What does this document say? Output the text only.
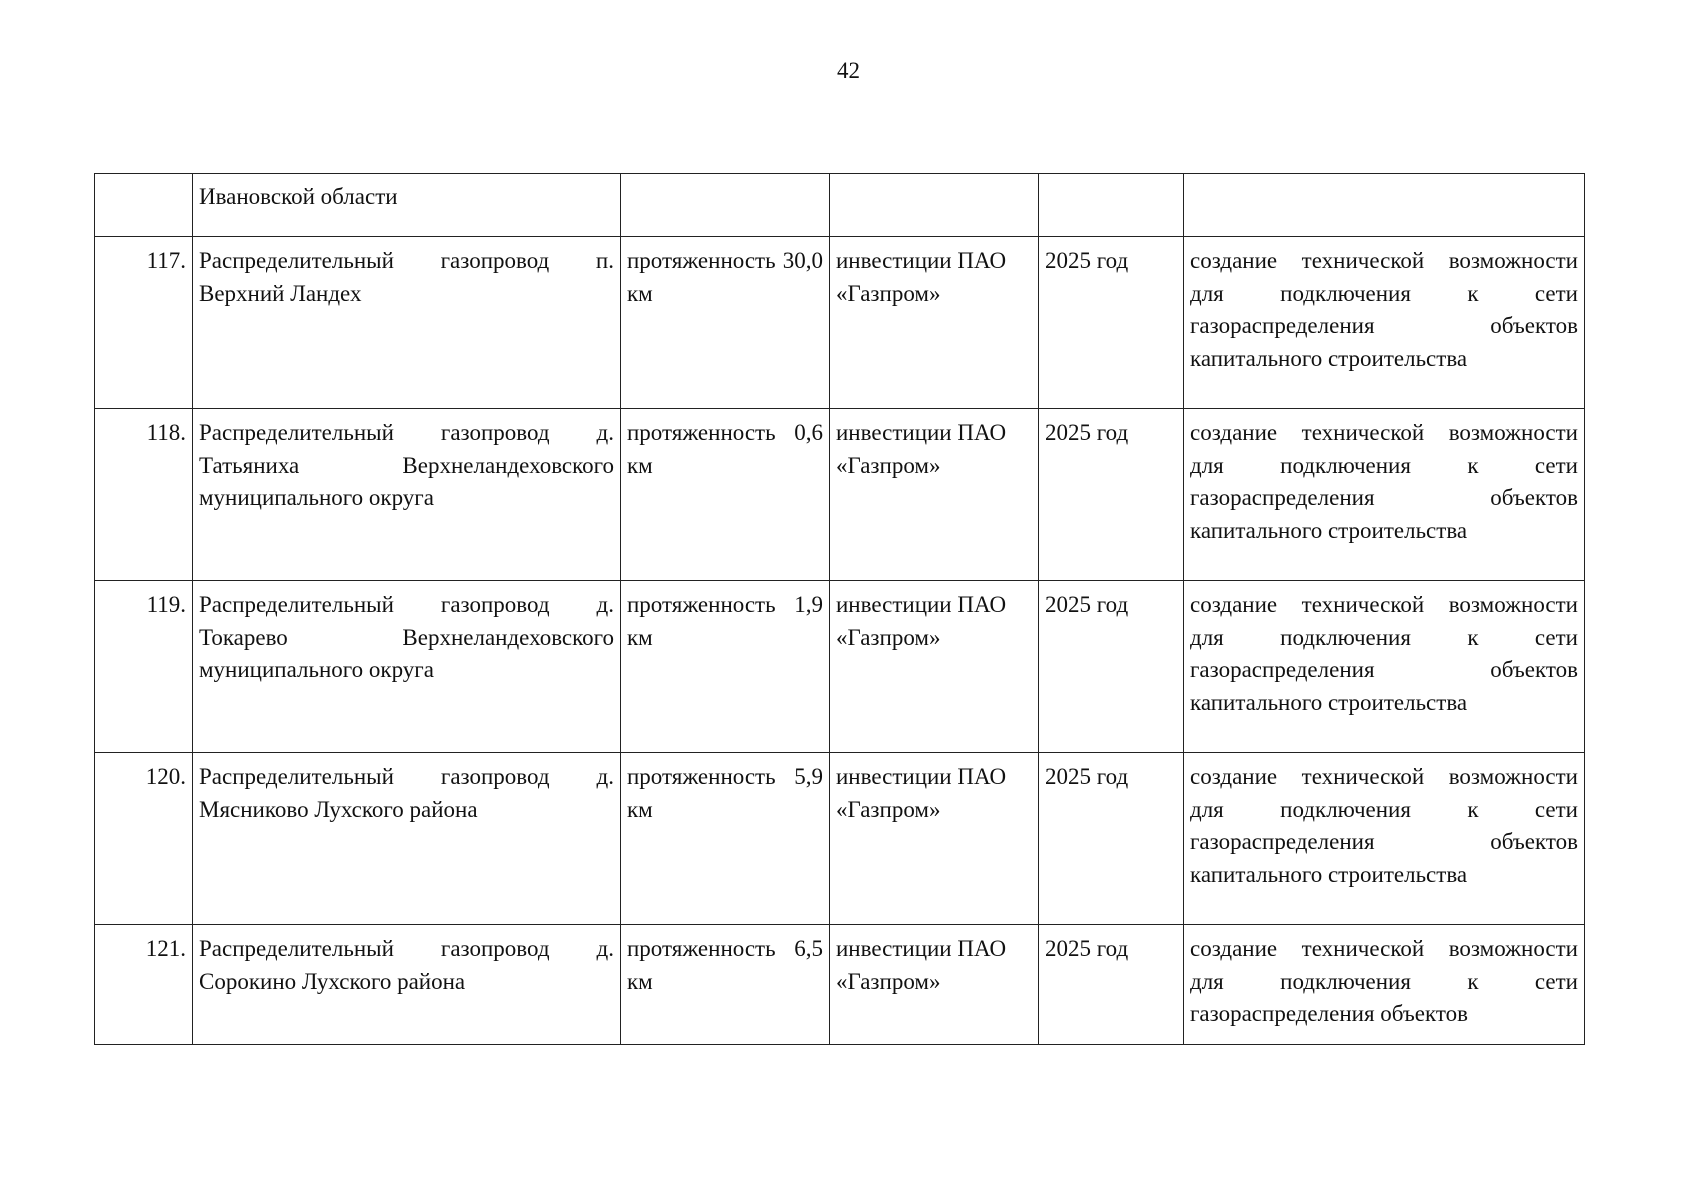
42
	Ивановской области				
117.	Распределительный газопровод п. Верхний Ландех	протяженность 30,0 км	инвестиции ПАО «Газпром»	2025 год	создание технической возможности для подключения к сети газораспределения объектов капитального строительства
118.	Распределительный газопровод д. Татьяниха Верхнеландеховского муниципального округа	протяженность 0,6 км	инвестиции ПАО «Газпром»	2025 год	создание технической возможности для подключения к сети газораспределения объектов капитального строительства
119.	Распределительный газопровод д. Токарево Верхнеландеховского муниципального округа	протяженность 1,9 км	инвестиции ПАО «Газпром»	2025 год	создание технической возможности для подключения к сети газораспределения объектов капитального строительства
120.	Распределительный газопровод д. Мясниково Лухского района	протяженность 5,9 км	инвестиции ПАО «Газпром»	2025 год	создание технической возможности для подключения к сети газораспределения объектов капитального строительства
121.	Распределительный газопровод д. Сорокино Лухского района	протяженность 6,5 км	инвестиции ПАО «Газпром»	2025 год	создание технической возможности для подключения к сети газораспределения объектов
